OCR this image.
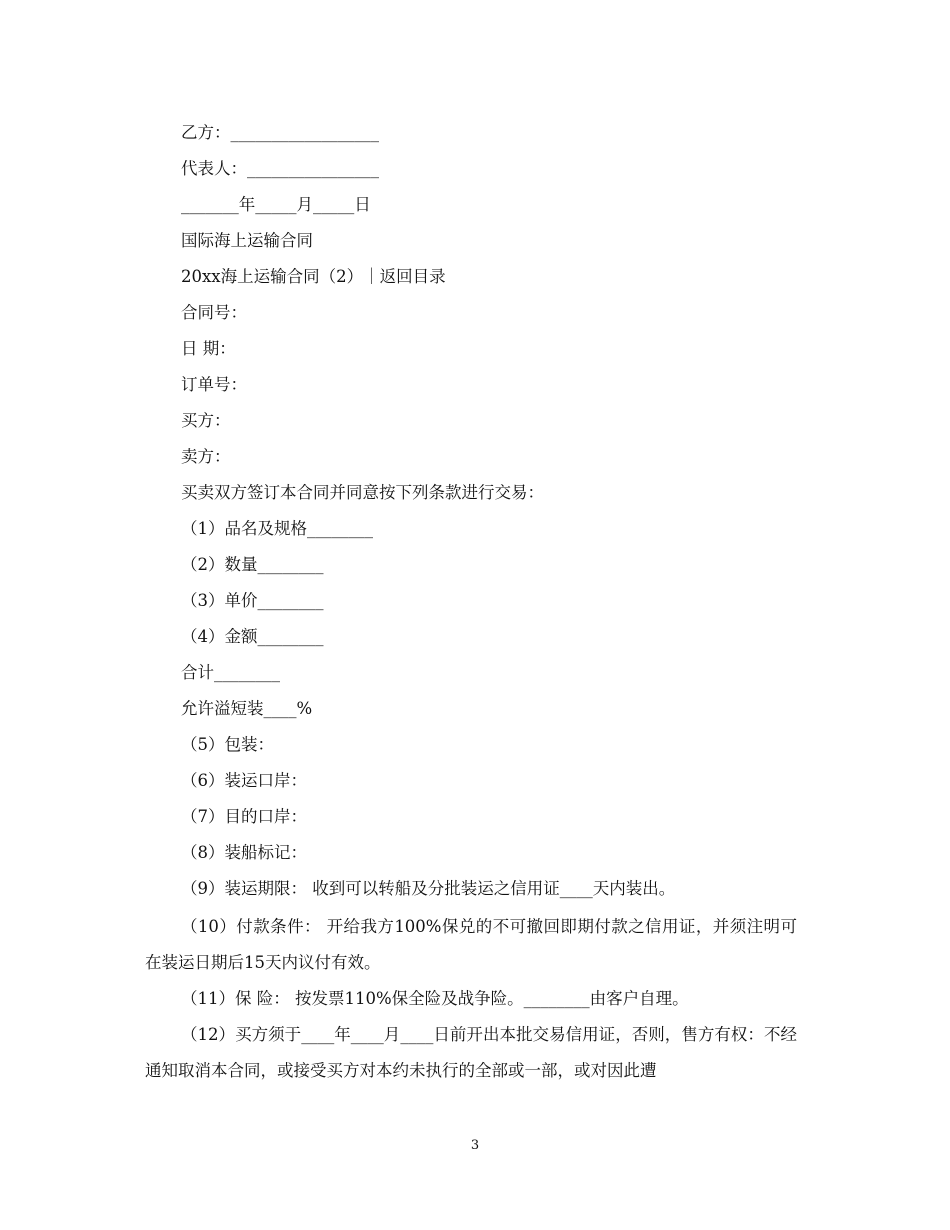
乙方：__________________
代表人：________________
_______年_____月_____日
国际海上运输合同
20xx海上运输合同（2）｜返回目录
合同号：
日 期：
订单号：
买方：
卖方：
买卖双方签订本合同并同意按下列条款进行交易：
（1）品名及规格________
（2）数量________
（3）单价________
（4）金额________
合计________
允许溢短装____%
（5）包装：
（6）装运口岸：
（7）目的口岸：
（8）装船标记：
（9）装运期限： 收到可以转船及分批装运之信用证____天内装出。
（10）付款条件： 开给我方100%保兑的不可撤回即期付款之信用证，并须注明可在装运日期后15天内议付有效。
（11）保 险： 按发票110%保全险及战争险。________由客户自理。
（12）买方须于____年____月____日前开出本批交易信用证，否则，售方有权：不经通知取消本合同，或接受买方对本约未执行的全部或一部，或对因此遭
3
